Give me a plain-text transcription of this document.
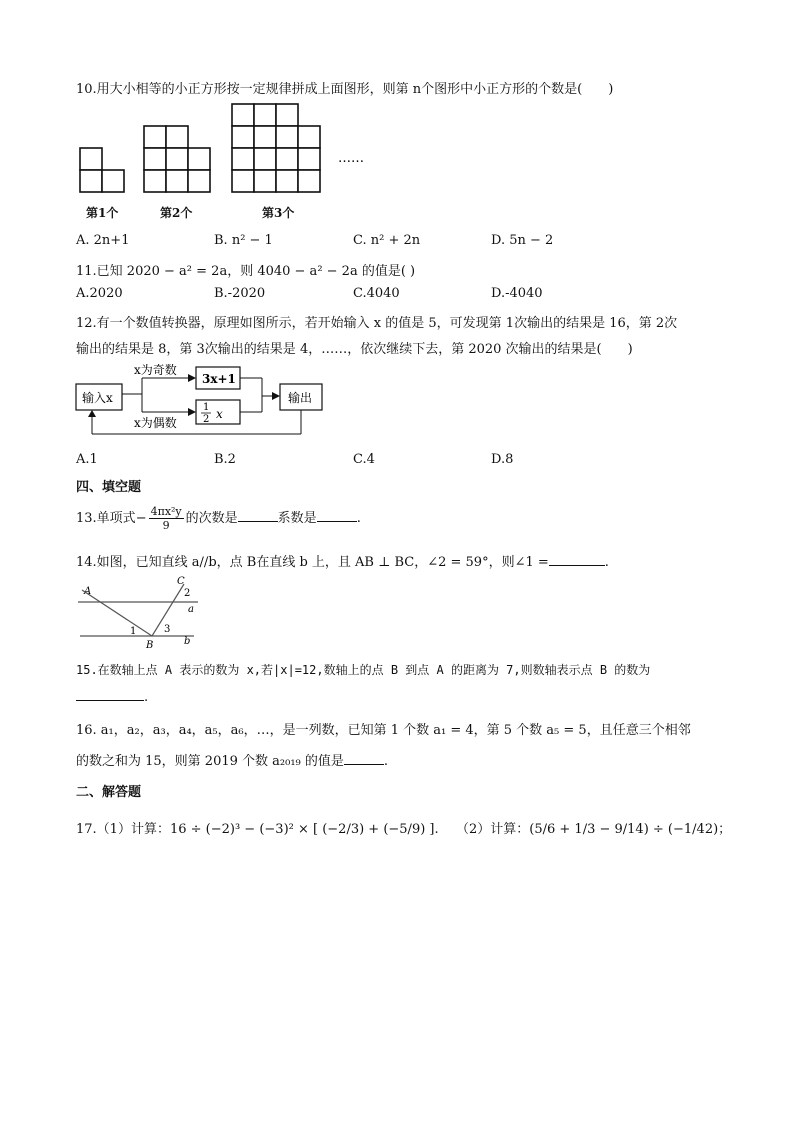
10.用大小相等的小正方形按一定规律拼成上面图形，则第 n个图形中小正方形的个数是(　　)
……
第1个	第2个	第3个
A. 2n+1	B. n² − 1	C. n² + 2n	D. 5n − 2
11.已知 2020 − a² = 2a，则 4040 − a² − 2a 的值是( )
A.2020	B.-2020	C.4040	D.-4040
12.有一个数值转换器，原理如图所示，若开始输入 x 的值是 5，可发现第 1次输出的结果是 16，第 2次
输出的结果是 8，第 3次输出的结果是 4，……，依次继续下去，第 2020 次输出的结果是(　　)
输入x
x为奇数
x为偶数
3x+1
1
2 x
输出
A.1	B.2	C.4	D.8
四、填空题
13.单项式− $\frac{\text{4πx²y}}{9}$ 的次数是	系数是	.
14.如图，已知直线 a//b，点 B在直线 b 上，且 AB ⊥ BC，∠2 = 59°，则∠1 =	.
A
B
C
a
b
1
2
3
15.在数轴上点 A 表示的数为 x,若|x|=12,数轴上的点 B 到点 A 的距离为 7,则数轴表示点 B 的数为
.
16. a₁，a₂，a₃，a₄，a₅，a₆，…，是一列数，已知第 1 个数 a₁ = 4，第 5 个数 a₅ = 5，且任意三个相邻
的数之和为 15，则第 2019 个数 a₂₀₁₉ 的值是	.
二、解答题
17.（1）计算：16 ÷ (−2)³ − (−3)² × [ (−2/3) + (−5/9) ]. （2）计算：(5/6 + 1/3 − 9/14) ÷ (−1/42)；
